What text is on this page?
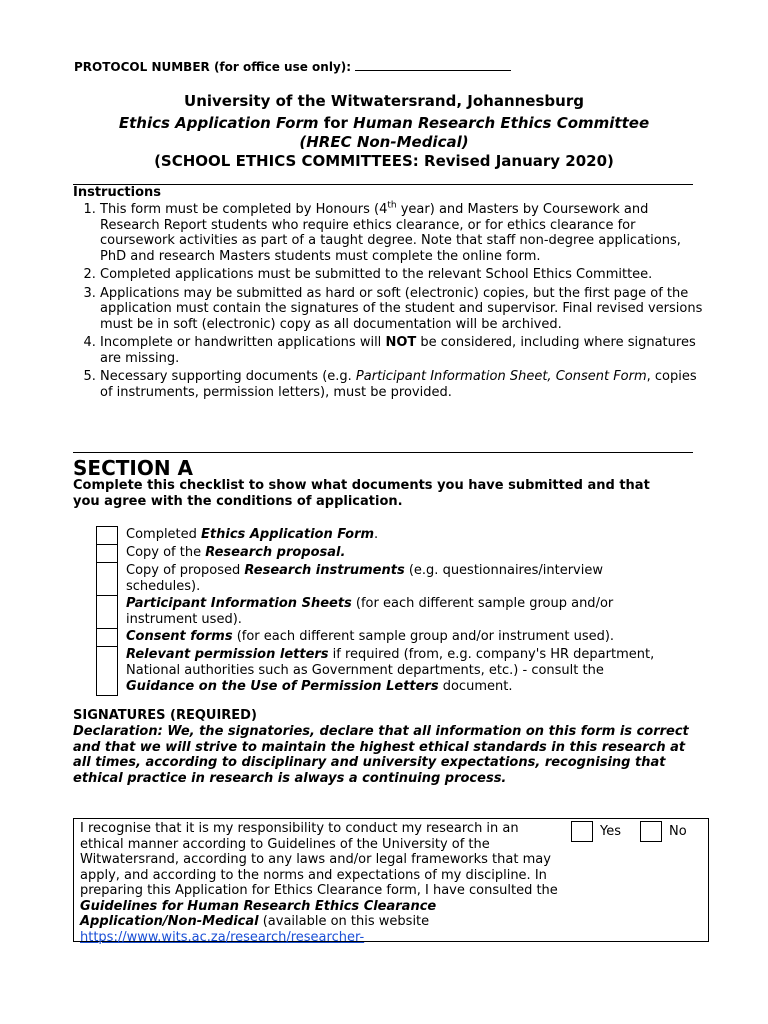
PROTOCOL NUMBER (for office use only):
University of the Witwatersrand, Johannesburg
Ethics Application Form for Human Research Ethics Committee
(HREC Non-Medical)
(SCHOOL ETHICS COMMITTEES: Revised January 2020)
Instructions
1. This form must be completed by Honours (4th year) and Masters by Coursework and Research Report students who require ethics clearance, or for ethics clearance for coursework activities as part of a taught degree. Note that staff non-degree applications, PhD and research Masters students must complete the online form.
2. Completed applications must be submitted to the relevant School Ethics Committee.
3. Applications may be submitted as hard or soft (electronic) copies, but the first page of the application must contain the signatures of the student and supervisor. Final revised versions must be in soft (electronic) copy as all documentation will be archived.
4. Incomplete or handwritten applications will NOT be considered, including where signatures are missing.
5. Necessary supporting documents (e.g. Participant Information Sheet, Consent Form, copies of instruments, permission letters), must be provided.
SECTION A
Complete this checklist to show what documents you have submitted and that you agree with the conditions of application.
Completed Ethics Application Form.
Copy of the Research proposal.
Copy of proposed Research instruments (e.g. questionnaires/interview schedules).
Participant Information Sheets (for each different sample group and/or instrument used).
Consent forms (for each different sample group and/or instrument used).
Relevant permission letters if required (from, e.g. company's HR department, National authorities such as Government departments, etc.) - consult the Guidance on the Use of Permission Letters document.
SIGNATURES (REQUIRED)
Declaration: We, the signatories, declare that all information on this form is correct and that we will strive to maintain the highest ethical standards in this research at all times, according to disciplinary and university expectations, recognising that ethical practice in research is always a continuing process.
I recognise that it is my responsibility to conduct my research in an ethical manner according to Guidelines of the University of the Witwatersrand, according to any laws and/or legal frameworks that may apply, and according to the norms and expectations of my discipline. In preparing this Application for Ethics Clearance form, I have consulted the Guidelines for Human Research Ethics Clearance Application/Non-Medical (available on this website https://www.wits.ac.za/research/researcher-
Yes	No
